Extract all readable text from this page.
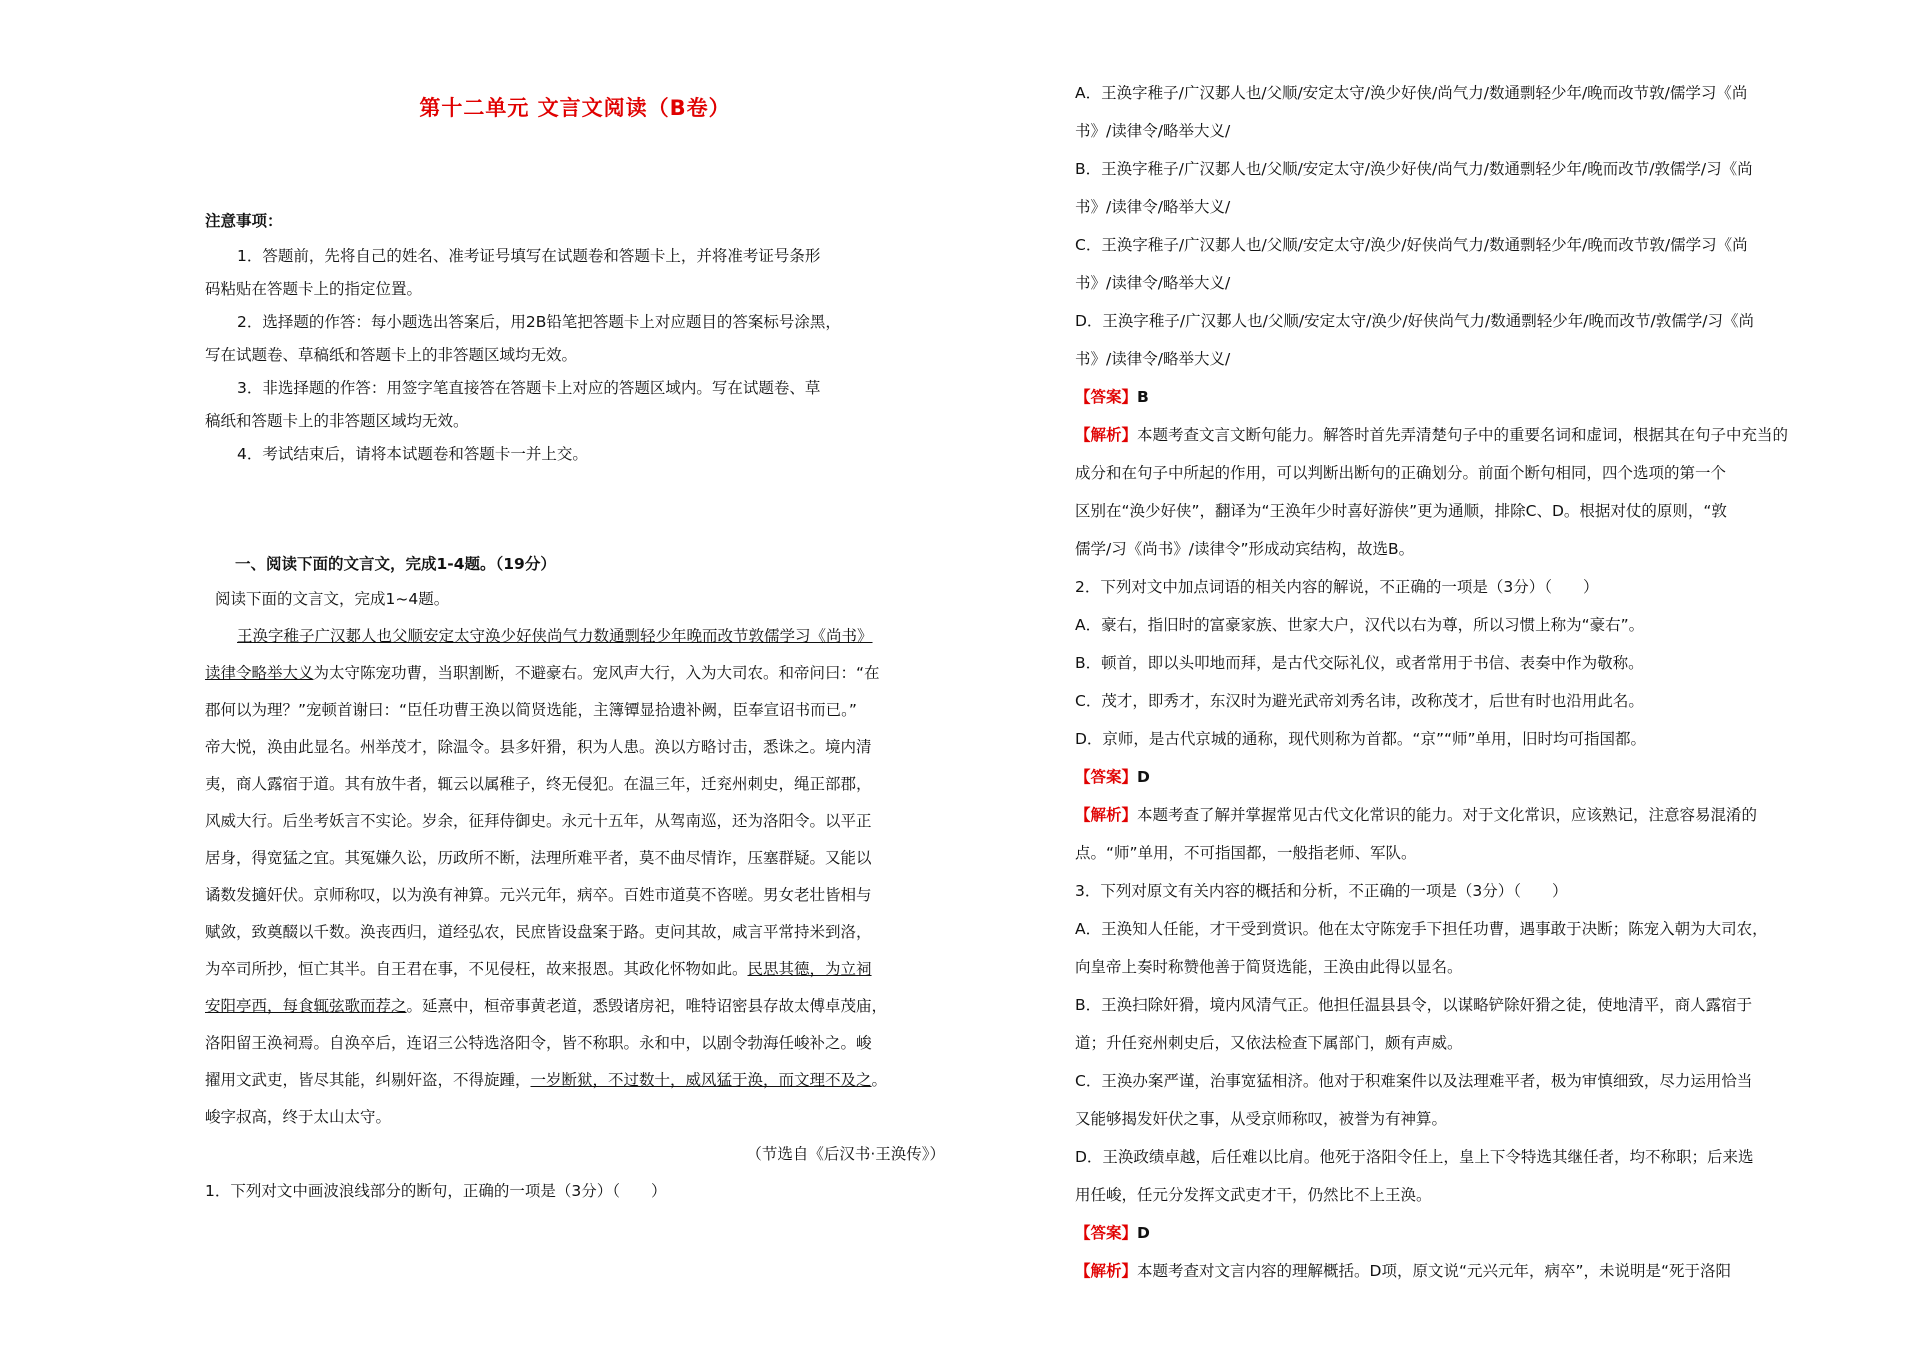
第十二单元 文言文阅读（B卷）

注意事项：

1．答题前，先将自己的姓名、准考证号填写在试题卷和答题卡上，并将准考证号条形

码粘贴在答题卡上的指定位置。

2．选择题的作答：每小题选出答案后，用2B铅笔把答题卡上对应题目的答案标号涂黑，

写在试题卷、草稿纸和答题卡上的非答题区域均无效。

3．非选择题的作答：用签字笔直接答在答题卡上对应的答题区域内。写在试题卷、草

稿纸和答题卡上的非答题区域均无效。

4．考试结束后，请将本试题卷和答题卡一并上交。

一、阅读下面的文言文，完成1-4题。（19分）

阅读下面的文言文，完成1~4题。

王涣字稚子广汉郪人也父顺安定太守涣少好侠尚气力数通剽轻少年晚而改节敦儒学习《尚书》

读律令略举大义为太守陈宠功曹，当职割断，不避豪右。宠风声大行，入为大司农。和帝问曰：“在

郡何以为理？”宠顿首谢曰：“臣任功曹王涣以简贤选能，主簿镡显拾遗补阙，臣奉宣诏书而已。”

帝大悦，涣由此显名。州举茂才，除温令。县多奸猾，积为人患。涣以方略讨击，悉诛之。境内清

夷，商人露宿于道。其有放牛者，辄云以属稚子，终无侵犯。在温三年，迁兖州刺史，绳正部郡，

风威大行。后坐考妖言不实论。岁余，征拜侍御史。永元十五年，从驾南巡，还为洛阳令。以平正

居身，得宽猛之宜。其冤嫌久讼，历政所不断，法理所难平者，莫不曲尽情诈，压塞群疑。又能以

谲数发擿奸伏。京师称叹，以为涣有神算。元兴元年，病卒。百姓市道莫不咨嗟。男女老壮皆相与

赋敛，致奠醊以千数。涣丧西归，道经弘农，民庶皆设盘案于路。吏问其故，咸言平常持米到洛，

为卒司所抄，恒亡其半。自王君在事，不见侵枉，故来报恩。其政化怀物如此。民思其德，为立祠

安阳亭西，每食辄弦歌而荐之。延熹中，桓帝事黄老道，悉毁诸房祀，唯特诏密县存故太傅卓茂庙，

洛阳留王涣祠焉。自涣卒后，连诏三公特选洛阳令，皆不称职。永和中，以剧令勃海任峻补之。峻

擢用文武吏，皆尽其能，纠剔奸盗，不得旋踵，一岁断狱，不过数十，威风猛于涣，而文理不及之。

峻字叔高，终于太山太守。

（节选自《后汉书·王涣传》）

1．下列对文中画波浪线部分的断句，正确的一项是（3分）（　　）

A．王涣字稚子/广汉郪人也/父顺/安定太守/涣少好侠/尚气力/数通剽轻少年/晚而改节敦/儒学习《尚

书》/读律令/略举大义/

B．王涣字稚子/广汉郪人也/父顺/安定太守/涣少好侠/尚气力/数通剽轻少年/晚而改节/敦儒学/习《尚

书》/读律令/略举大义/

C．王涣字稚子/广汉郪人也/父顺/安定太守/涣少/好侠尚气力/数通剽轻少年/晚而改节敦/儒学习《尚

书》/读律令/略举大义/

D．王涣字稚子/广汉郪人也/父顺/安定太守/涣少/好侠尚气力/数通剽轻少年/晚而改节/敦儒学/习《尚

书》/读律令/略举大义/

【答案】B

【解析】本题考查文言文断句能力。解答时首先弄清楚句子中的重要名词和虚词，根据其在句子中充当的

成分和在句子中所起的作用，可以判断出断句的正确划分。前面个断句相同，四个选项的第一个

区别在“涣少好侠”，翻译为“王涣年少时喜好游侠”更为通顺，排除C、D。根据对仗的原则，“敦

儒学/习《尚书》/读律令”形成动宾结构，故选B。

2．下列对文中加点词语的相关内容的解说，不正确的一项是（3分）（　　）

A．豪右，指旧时的富豪家族、世家大户，汉代以右为尊，所以习惯上称为“豪右”。

B．顿首，即以头叩地而拜，是古代交际礼仪，或者常用于书信、表奏中作为敬称。

C．茂才，即秀才，东汉时为避光武帝刘秀名讳，改称茂才，后世有时也沿用此名。

D．京师，是古代京城的通称，现代则称为首都。“京”“师”单用，旧时均可指国都。

【答案】D

【解析】本题考查了解并掌握常见古代文化常识的能力。对于文化常识，应该熟记，注意容易混淆的

点。“师”单用，不可指国都，一般指老师、军队。

3．下列对原文有关内容的概括和分析，不正确的一项是（3分）（　　）

A．王涣知人任能，才干受到赏识。他在太守陈宠手下担任功曹，遇事敢于决断；陈宠入朝为大司农，

向皇帝上奏时称赞他善于简贤选能，王涣由此得以显名。

B．王涣扫除奸猾，境内风清气正。他担任温县县令，以谋略铲除奸猾之徒，使地清平，商人露宿于

道；升任兖州刺史后，又依法检查下属部门，颇有声威。

C．王涣办案严谨，治事宽猛相济。他对于积难案件以及法理难平者，极为审慎细致，尽力运用恰当

又能够揭发奸伏之事，从受京师称叹，被誉为有神算。

D．王涣政绩卓越，后任难以比肩。他死于洛阳令任上，皇上下令特选其继任者，均不称职；后来选

用任峻，任元分发挥文武吏才干，仍然比不上王涣。

【答案】D

【解析】本题考查对文言内容的理解概括。D项，原文说“元兴元年，病卒”，未说明是“死于洛阳
